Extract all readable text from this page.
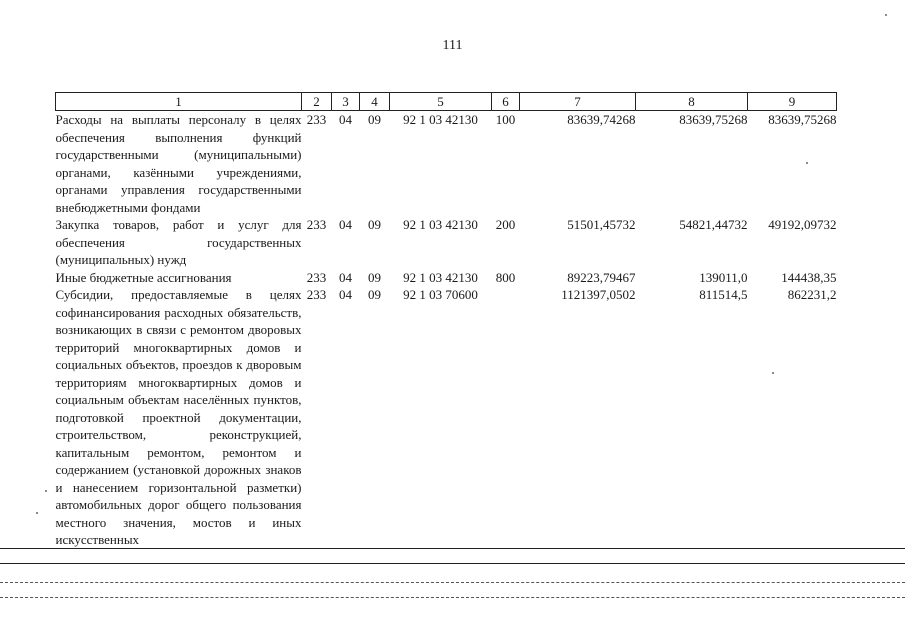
111
1	2	3	4	5	6	7	8	9
Расходы на выплаты персоналу в целях обеспечения выполнения функций государственными (муниципальными) органами, казёнными учреждениями, органами управления государственными внебюджетными фондами	233	04	09	92 1 03 42130	100	83639,74268	83639,75268	83639,75268
Закупка товаров, работ и услуг для обеспечения государственных (муниципальных) нужд	233	04	09	92 1 03 42130	200	51501,45732	54821,44732	49192,09732
Иные бюджетные ассигнования	233	04	09	92 1 03 42130	800	89223,79467	139011,0	144438,35
Субсидии, предоставляемые в целях софинансирования расходных обязательств, возникающих в связи с ремонтом дворовых территорий многоквартирных домов и социальных объектов, проездов к дворовым территориям многоквартирных домов и социальным объектам населённых пунктов, подготовкой проектной документации, строительством, реконструкцией, капитальным ремонтом, ремонтом и содержанием (установкой дорожных знаков и нанесением горизонтальной разметки) автомобильных дорог общего пользования местного значения, мостов и иных искусственных	233	04	09	92 1 03 70600		1121397,0502	811514,5	862231,2
